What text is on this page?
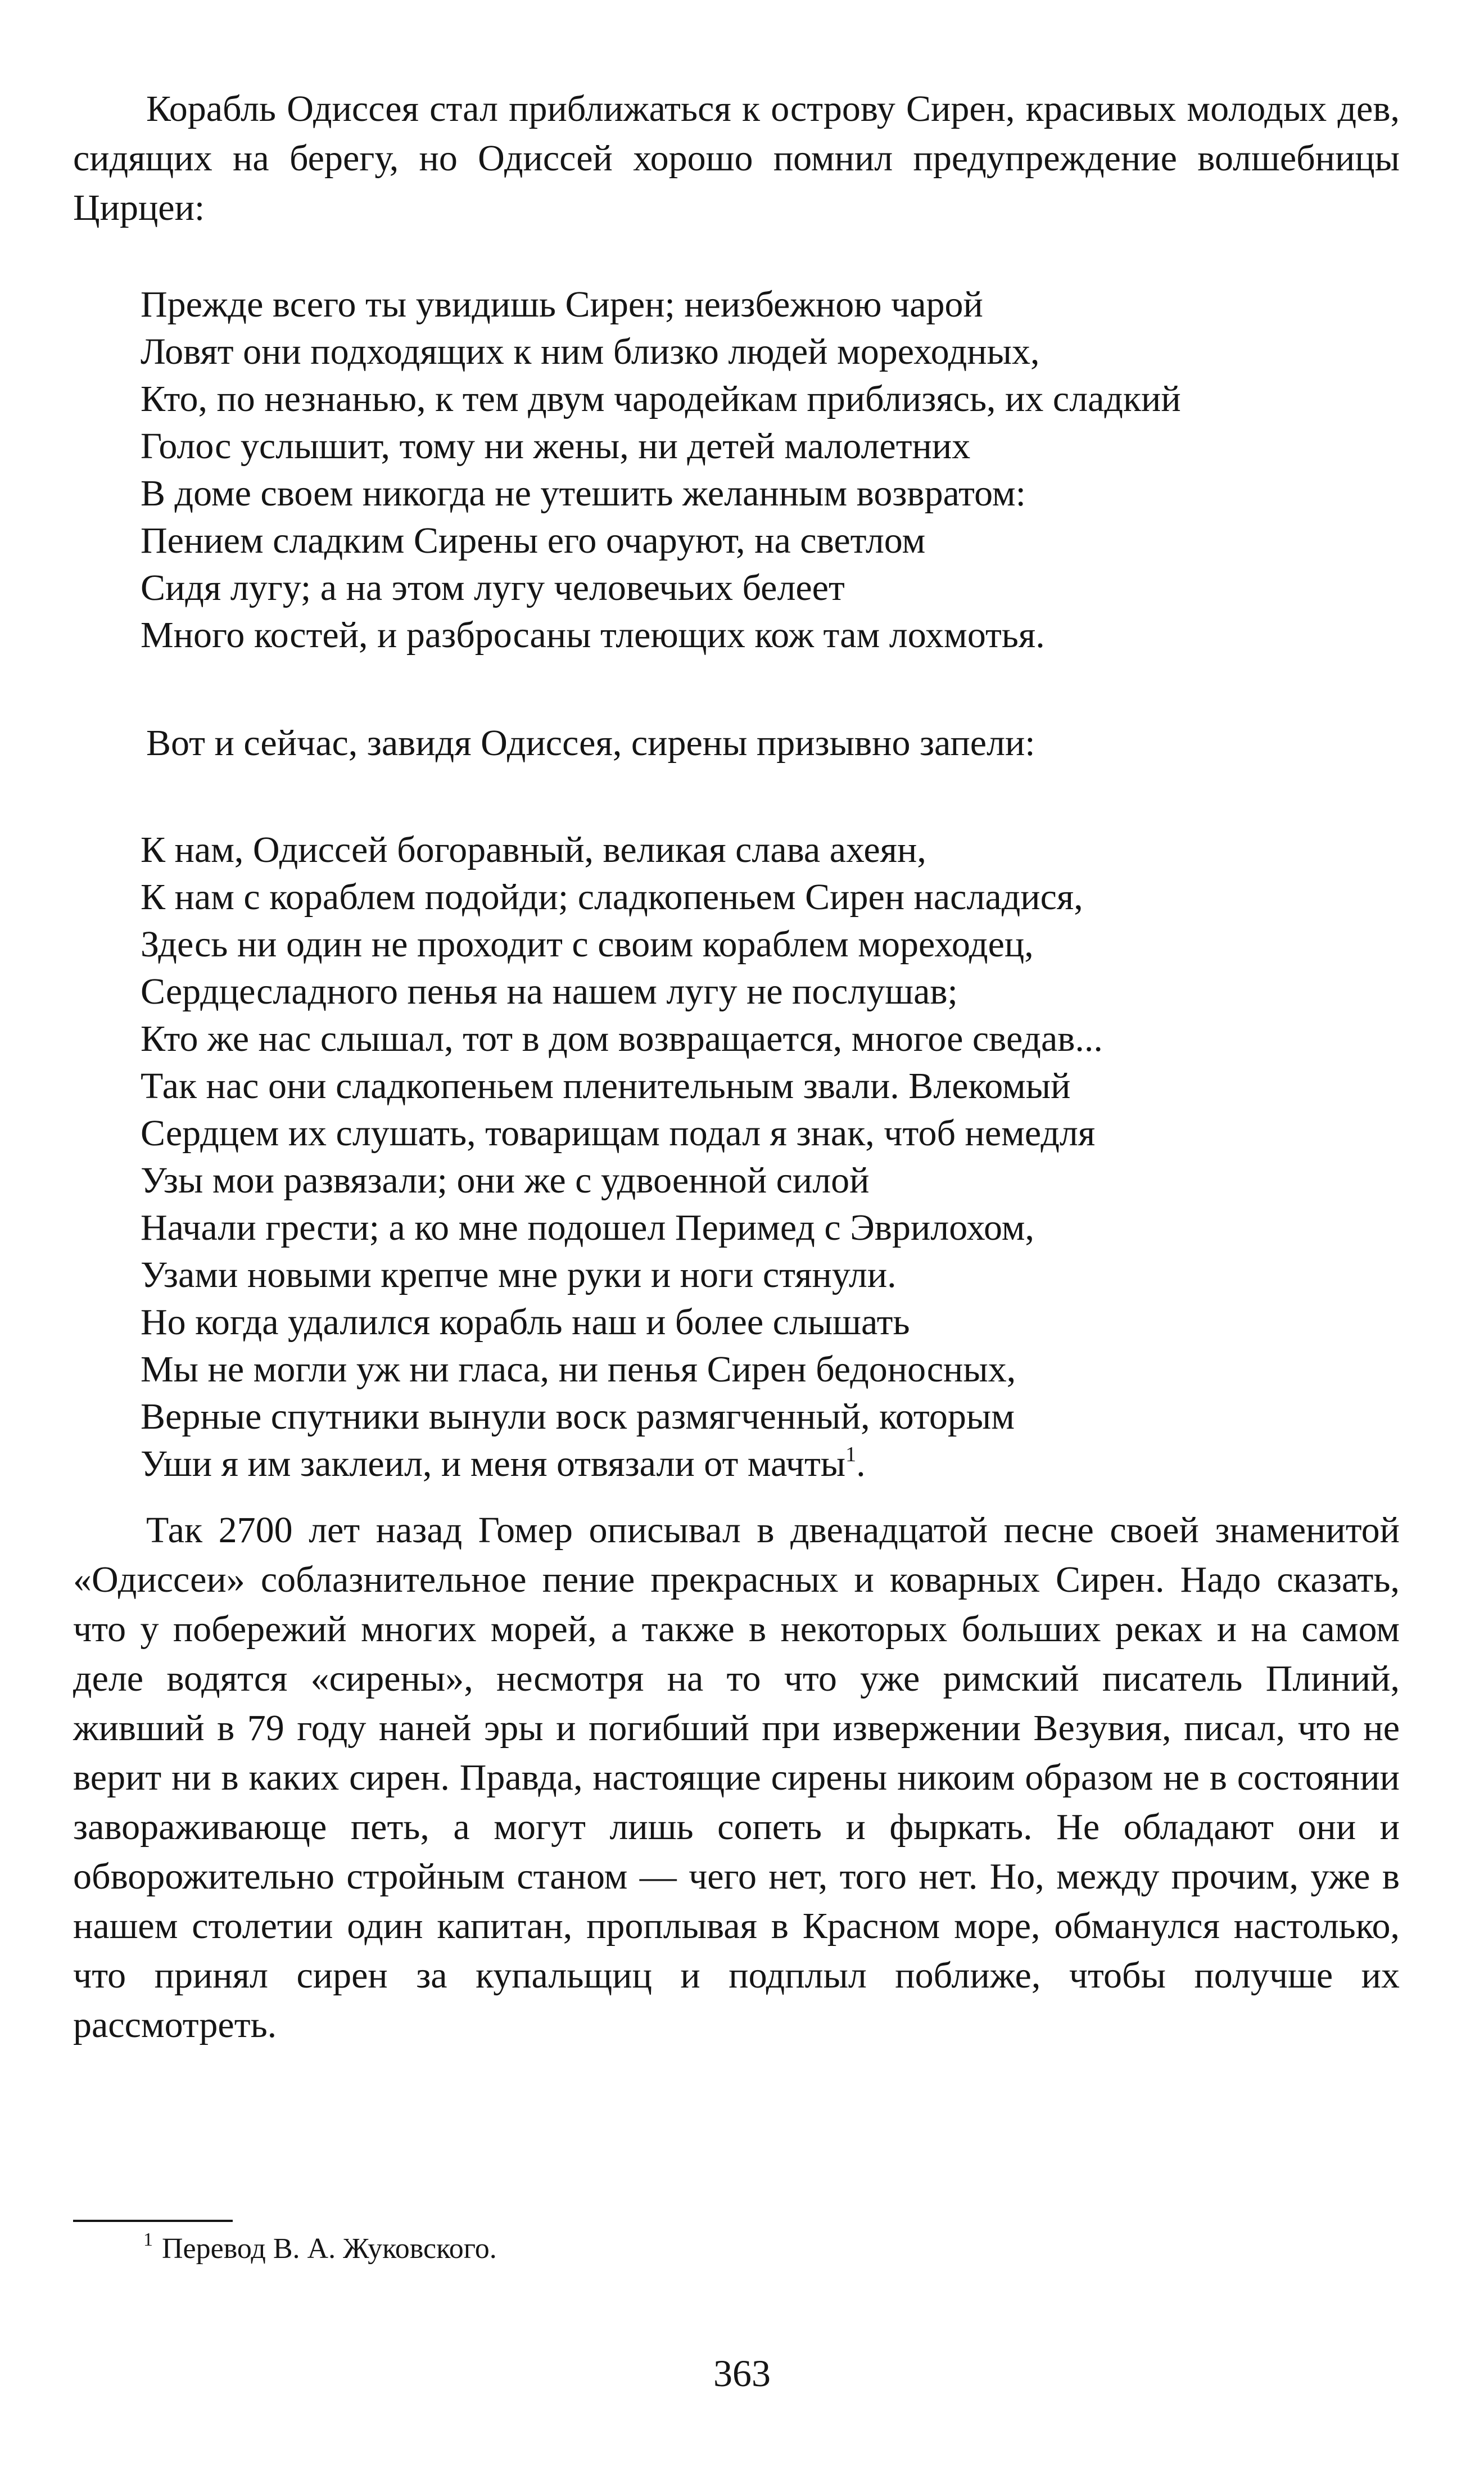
Корабль Одиссея стал приближаться к острову Сирен, красивых молодых дев, сидящих на берегу, но Одиссей хорошо помнил предупреждение волшебницы Цирцеи:

Прежде всего ты увидишь Сирен; неизбежною чарой
Ловят они подходящих к ним близко людей мореходных,
Кто, по незнанью, к тем двум чародейкам приблизясь, их сладкий
Голос услышит, тому ни жены, ни детей малолетних
В доме своем никогда не утешить желанным возвратом:
Пением сладким Сирены его очаруют, на светлом
Сидя лугу; а на этом лугу человечьих белеет
Много костей, и разбросаны тлеющих кож там лохмотья.

Вот и сейчас, завидя Одиссея, сирены призывно запели:

К нам, Одиссей богоравный, великая слава ахеян,
К нам с кораблем подойди; сладкопеньем Сирен насладися,
Здесь ни один не проходит с своим кораблем мореходец,
Сердцесладного пенья на нашем лугу не послушав;
Кто же нас слышал, тот в дом возвращается, многое сведав...
Так нас они сладкопеньем пленительным звали. Влекомый
Сердцем их слушать, товарищам подал я знак, чтоб немедля
Узы мои развязали; они же с удвоенной силой
Начали грести; а ко мне подошел Перимед с Эврилохом,
Узами новыми крепче мне руки и ноги стянули.
Но когда удалился корабль наш и более слышать
Мы не могли уж ни гласа, ни пенья Сирен бедоносных,
Верные спутники вынули воск размягченный, которым
Уши я им заклеил, и меня отвязали от мачты$^1$.

Так 2700 лет назад Гомер описывал в двенадцатой песне своей знаменитой «Одиссеи» соблазнительное пение прекрасных и коварных Сирен. Надо сказать, что у побережий многих морей, а также в некоторых больших реках и на самом деле водятся «сирены», несмотря на то что уже римский писатель Плиний, живший в 79 году наней эры и погибший при извержении Везувия, писал, что не верит ни в каких сирен. Правда, настоящие сирены никоим образом не в состоянии завораживающе петь, а могут лишь сопеть и фыркать. Не обладают они и обворожительно стройным станом — чего нет, того нет. Но, между прочим, уже в нашем столетии один капитан, проплывая в Красном море, обманулся настолько, что принял сирен за купальщиц и подплыл поближе, чтобы получше их рассмотреть.

$^1$ Перевод В. А. Жуковского.
363
